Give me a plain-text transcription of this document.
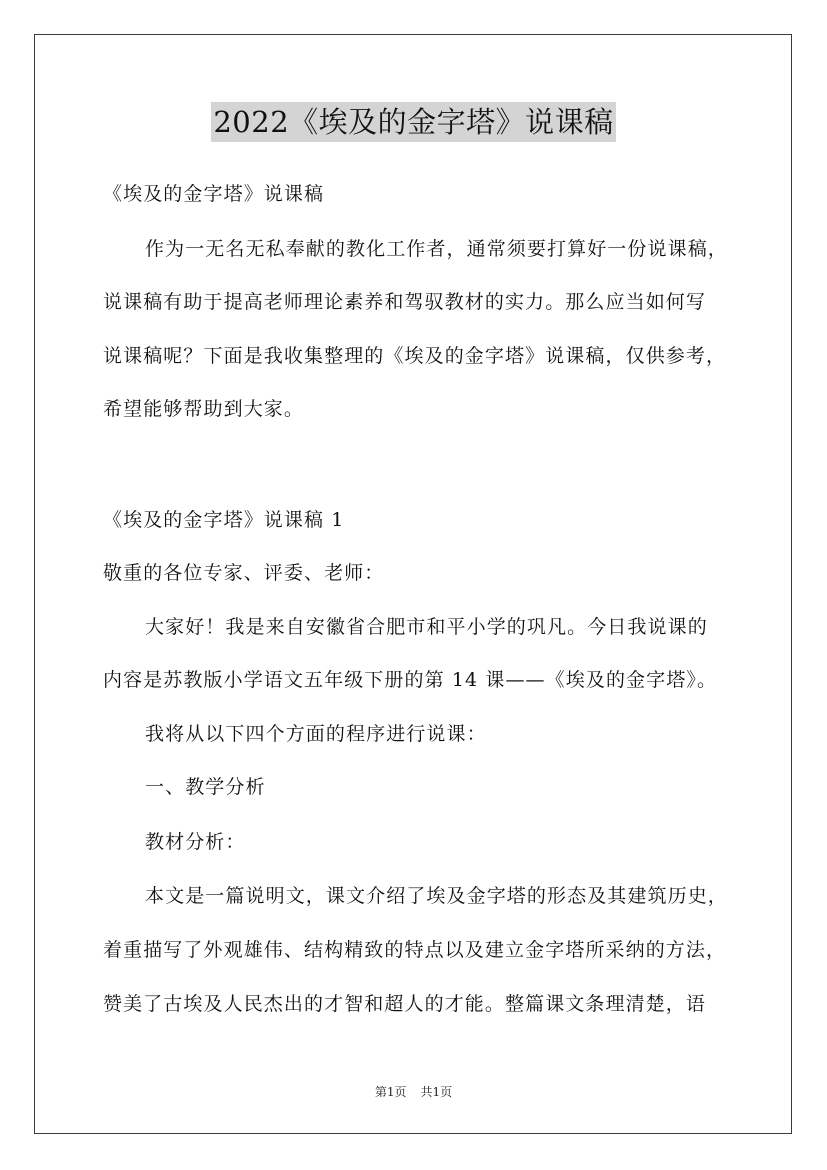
2022《埃及的金字塔》说课稿
《埃及的金字塔》说课稿
作为一无名无私奉献的教化工作者，通常须要打算好一份说课稿，
说课稿有助于提高老师理论素养和驾驭教材的实力。那么应当如何写
说课稿呢？下面是我收集整理的《埃及的金字塔》说课稿，仅供参考，
希望能够帮助到大家。
《埃及的金字塔》说课稿 1
敬重的各位专家、评委、老师：
大家好！我是来自安徽省合肥市和平小学的巩凡。今日我说课的
内容是苏教版小学语文五年级下册的第 14 课——《埃及的金字塔》。
我将从以下四个方面的程序进行说课：
一、教学分析
教材分析：
本文是一篇说明文，课文介绍了埃及金字塔的形态及其建筑历史，
着重描写了外观雄伟、结构精致的特点以及建立金字塔所采纳的方法，
赞美了古埃及人民杰出的才智和超人的才能。整篇课文条理清楚，语
第1页 共1页
